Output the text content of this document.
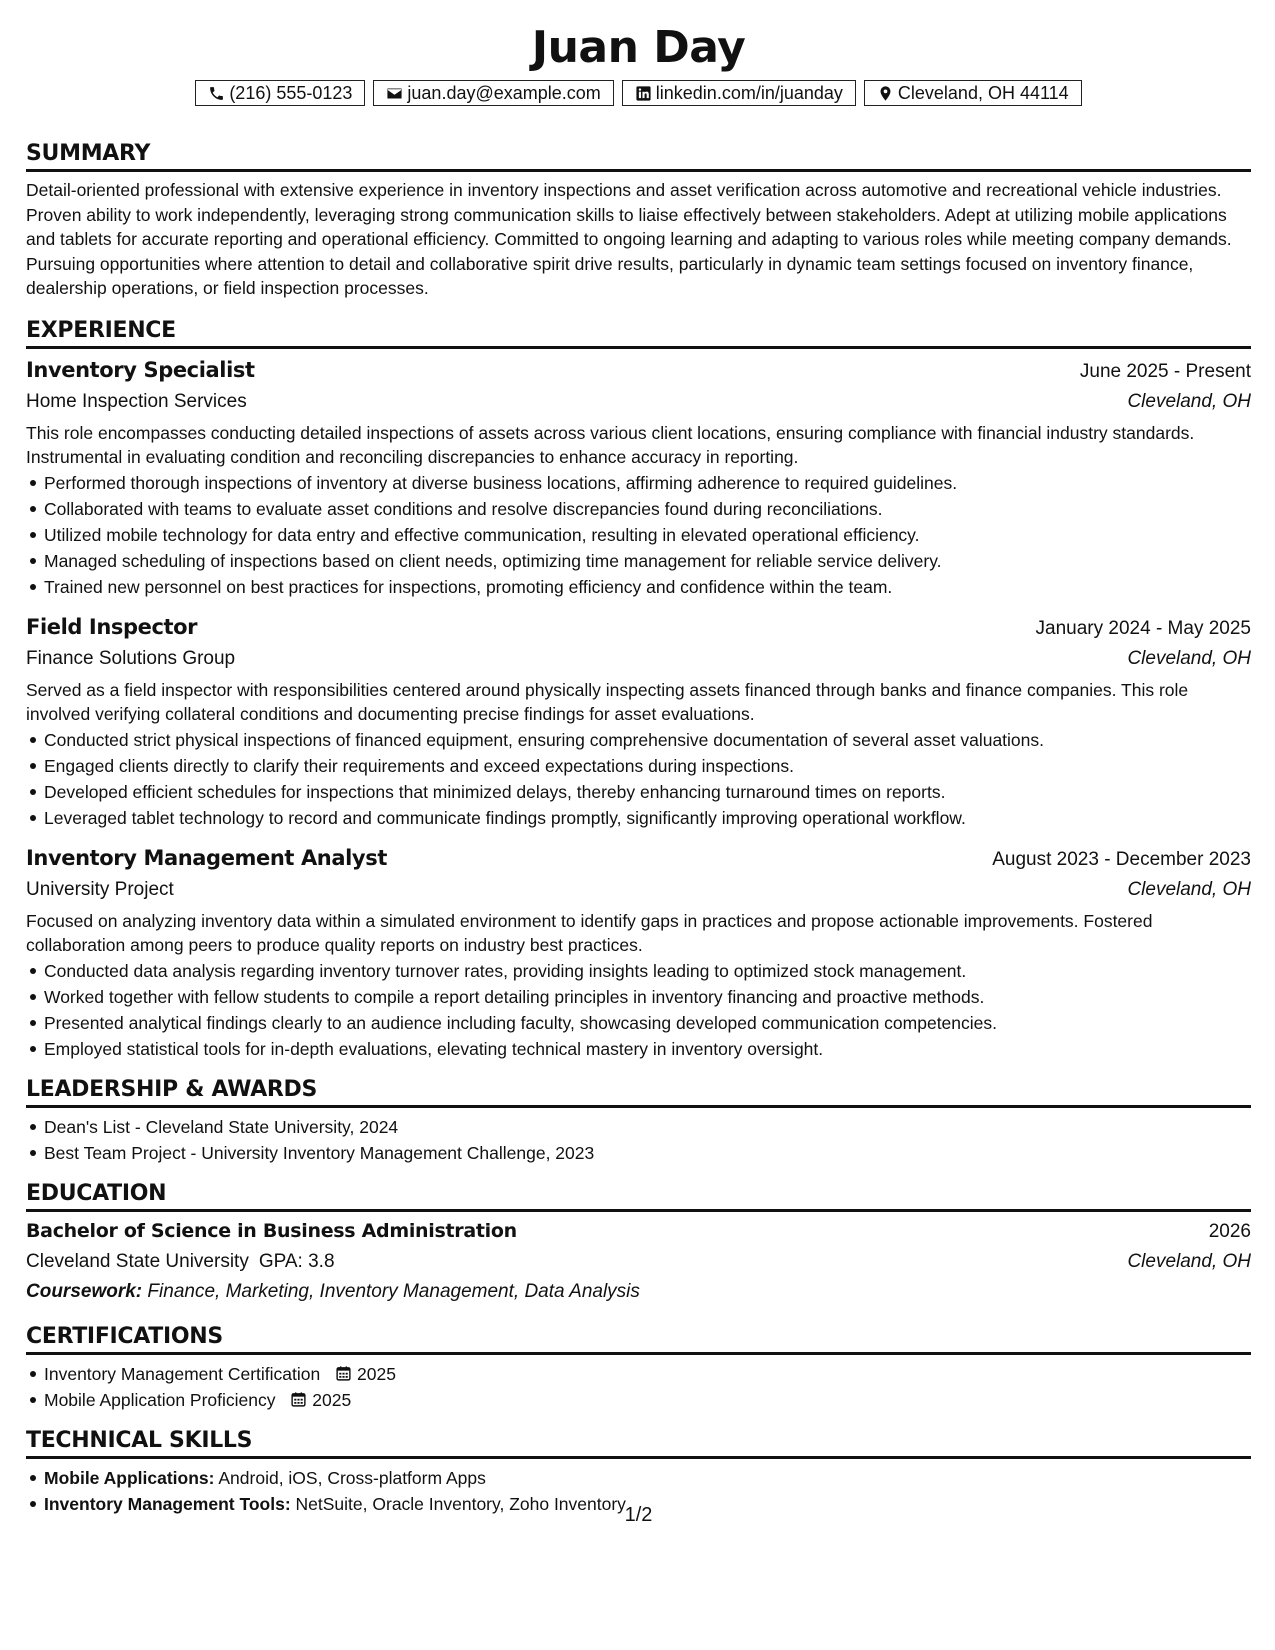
Juan Day
(216) 555-0123	juan.day@example.com	linkedin.com/in/juanday	Cleveland, OH 44114
SUMMARY
Detail-oriented professional with extensive experience in inventory inspections and asset verification across automotive and recreational vehicle industries. Proven ability to work independently, leveraging strong communication skills to liaise effectively between stakeholders. Adept at utilizing mobile applications and tablets for accurate reporting and operational efficiency. Committed to ongoing learning and adapting to various roles while meeting company demands. Pursuing opportunities where attention to detail and collaborative spirit drive results, particularly in dynamic team settings focused on inventory finance, dealership operations, or field inspection processes.
EXPERIENCE
Inventory Specialist	June 2025 - Present
Home Inspection Services	Cleveland, OH
This role encompasses conducting detailed inspections of assets across various client locations, ensuring compliance with financial industry standards. Instrumental in evaluating condition and reconciling discrepancies to enhance accuracy in reporting.
Performed thorough inspections of inventory at diverse business locations, affirming adherence to required guidelines.
Collaborated with teams to evaluate asset conditions and resolve discrepancies found during reconciliations.
Utilized mobile technology for data entry and effective communication, resulting in elevated operational efficiency.
Managed scheduling of inspections based on client needs, optimizing time management for reliable service delivery.
Trained new personnel on best practices for inspections, promoting efficiency and confidence within the team.
Field Inspector	January 2024 - May 2025
Finance Solutions Group	Cleveland, OH
Served as a field inspector with responsibilities centered around physically inspecting assets financed through banks and finance companies. This role involved verifying collateral conditions and documenting precise findings for asset evaluations.
Conducted strict physical inspections of financed equipment, ensuring comprehensive documentation of several asset valuations.
Engaged clients directly to clarify their requirements and exceed expectations during inspections.
Developed efficient schedules for inspections that minimized delays, thereby enhancing turnaround times on reports.
Leveraged tablet technology to record and communicate findings promptly, significantly improving operational workflow.
Inventory Management Analyst	August 2023 - December 2023
University Project	Cleveland, OH
Focused on analyzing inventory data within a simulated environment to identify gaps in practices and propose actionable improvements. Fostered collaboration among peers to produce quality reports on industry best practices.
Conducted data analysis regarding inventory turnover rates, providing insights leading to optimized stock management.
Worked together with fellow students to compile a report detailing principles in inventory financing and proactive methods.
Presented analytical findings clearly to an audience including faculty, showcasing developed communication competencies.
Employed statistical tools for in-depth evaluations, elevating technical mastery in inventory oversight.
LEADERSHIP & AWARDS
Dean's List - Cleveland State University, 2024
Best Team Project - University Inventory Management Challenge, 2023
EDUCATION
Bachelor of Science in Business Administration	2026
Cleveland State University GPA: 3.8	Cleveland, OH
Coursework: Finance, Marketing, Inventory Management, Data Analysis
CERTIFICATIONS
Inventory Management Certification 2025
Mobile Application Proficiency 2025
TECHNICAL SKILLS
Mobile Applications: Android, iOS, Cross-platform Apps
Inventory Management Tools: NetSuite, Oracle Inventory, Zoho Inventory
1/2
